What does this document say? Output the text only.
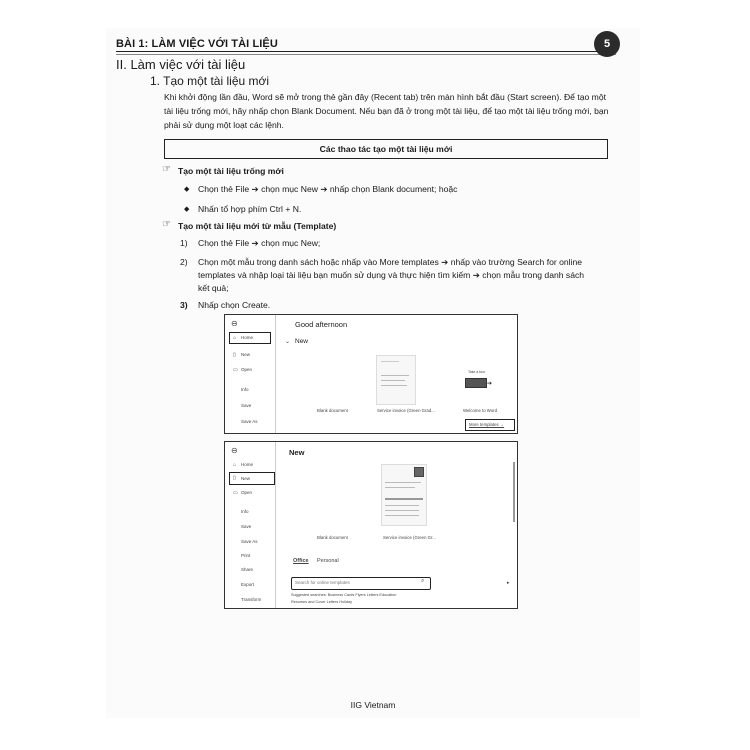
BÀI 1: LÀM VIỆC VỚI TÀI LIỆU	5
II. Làm việc với tài liệu
1. Tạo một tài liệu mới
Khi khởi động lần đầu, Word sẽ mở trong thẻ gần đây (Recent tab) trên màn hình bắt đầu (Start screen). Để tạo một tài liệu trống mới, hãy nhấp chọn Blank Document. Nếu bạn đã ở trong một tài liệu, để tạo một tài liệu trống mới, bạn phải sử dụng một loạt các lệnh.
Các thao tác tạo một tài liệu mới
☞ Tạo một tài liệu trống mới
◆ Chọn thẻ File ➔ chọn mục New ➔ nhấp chọn Blank document; hoặc
◆ Nhấn tổ hợp phím Ctrl + N.
☞ Tạo một tài liệu mới từ mẫu (Template)
1) Chọn thẻ File ➔ chọn mục New;
2) Chọn một mẫu trong danh sách hoặc nhấp vào More templates ➔ nhấp vào trường Search for online
templates và nhập loại tài liệu bạn muốn sử dụng và thực hiện tìm kiếm ➔ chọn mẫu trong danh sách
kết quả;
3) Nhấp chọn Create.
⊖	Good afternoon
⌂ Home
▯ New
▭ Open
Info
Save
Save As
⌄ New
Take a tour
➔
Blank document	Service invoice (Green Grad...	Welcome to Word
More templates →
⊖	New
⌂ Home
▯ New
▭ Open
Info
Save
Save As
Print
Share
Export
Transform
Blank document	Service invoice (Green Gr...
Office Personal
Search for online templates	⌕	▸
Suggested searches: Business Cards Flyers Letters Education
Resumes and Cover Letters Holiday
IIG Vietnam
